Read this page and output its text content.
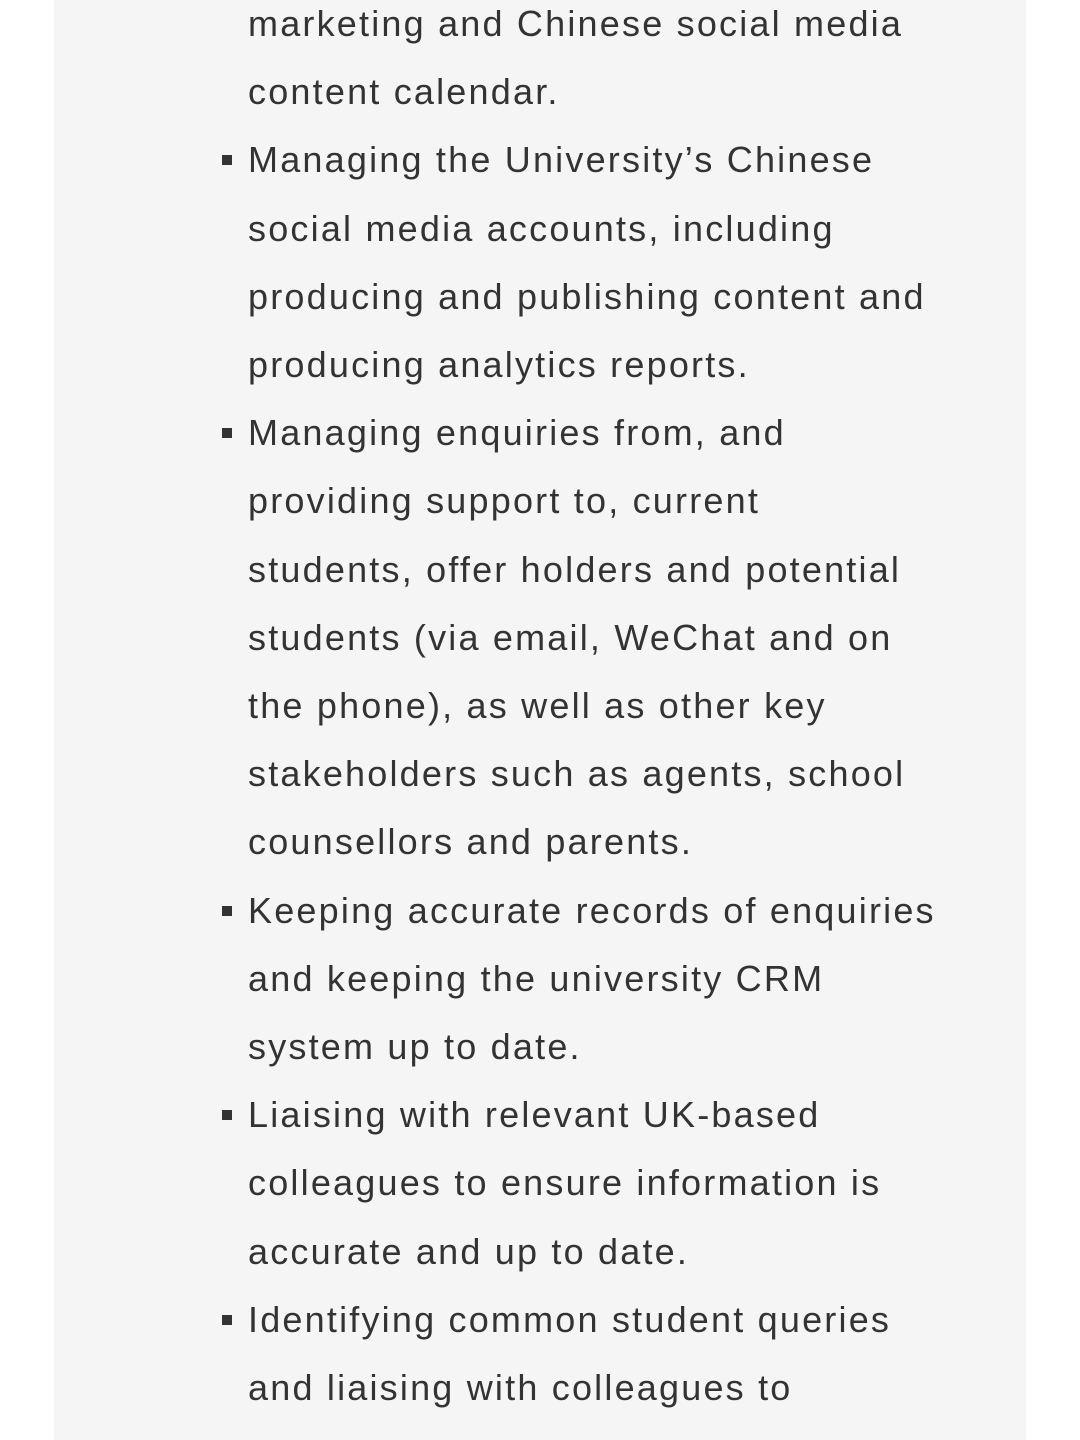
marketing and Chinese social media
content calendar.
Managing the University’s Chinese
social media accounts, including
producing and publishing content and
producing analytics reports.
Managing enquiries from, and
providing support to, current
students, offer holders and potential
students (via email, WeChat and on
the phone), as well as other key
stakeholders such as agents, school
counsellors and parents.
Keeping accurate records of enquiries
and keeping the university CRM
system up to date.
Liaising with relevant UK-based
colleagues to ensure information is
accurate and up to date.
Identifying common student queries
and liaising with colleagues to
